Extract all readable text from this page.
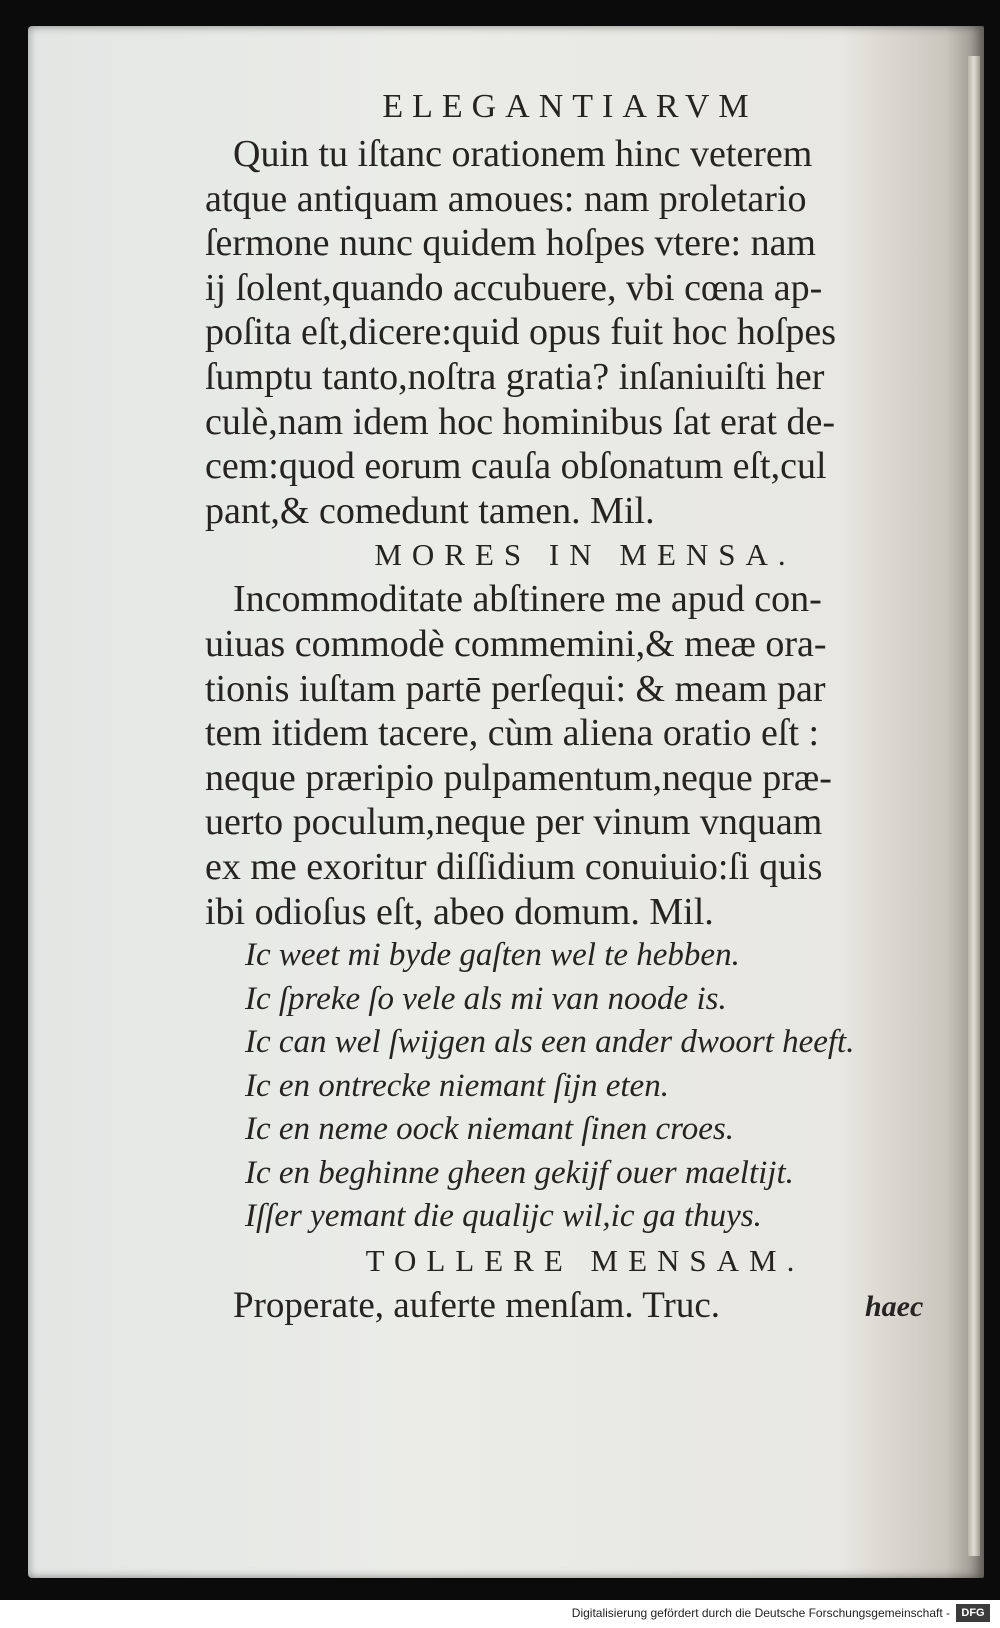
ELEGANTIARVM
Quin tu iſtanc orationem hinc veterem
atque antiquam amoues: nam proletario
ſermone nunc quidem hoſpes vtere: nam
ij ſolent,quando accubuere, vbi cœna ap-
poſita eſt,dicere:quid opus fuit hoc hoſpes
ſumptu tanto,noſtra gratia? inſaniuiſti her
culè,nam idem hoc hominibus ſat erat de-
cem:quod eorum cauſa obſonatum eſt,cul
pant,& comedunt tamen. Mil.
MORES IN MENSA.
Incommoditate abſtinere me apud con-
uiuas commodè commemini,& meæ ora-
tionis iuſtam partē perſequi: & meam par
tem itidem tacere, cùm aliena oratio eſt :
neque præripio pulpamentum,neque præ-
uerto poculum,neque per vinum vnquam
ex me exoritur diſſidium conuiuio:ſi quis
ibi odioſus eſt, abeo domum. Mil.
Ic weet mi byde gaſten wel te hebben.
Ic ſpreke ſo vele als mi van noode is.
Ic can wel ſwijgen als een ander dwoort heeft.
Ic en ontrecke niemant ſijn eten.
Ic en neme oock niemant ſinen croes.
Ic en beghinne gheen gekijf ouer maeltijt.
Iſſer yemant die qualijc wil,ic ga thuys.
TOLLERE MENSAM.
Properate, auferte menſam. Truc.	haec
Digitalisierung gefördert durch die Deutsche Forschungsgemeinschaft -	DFG
